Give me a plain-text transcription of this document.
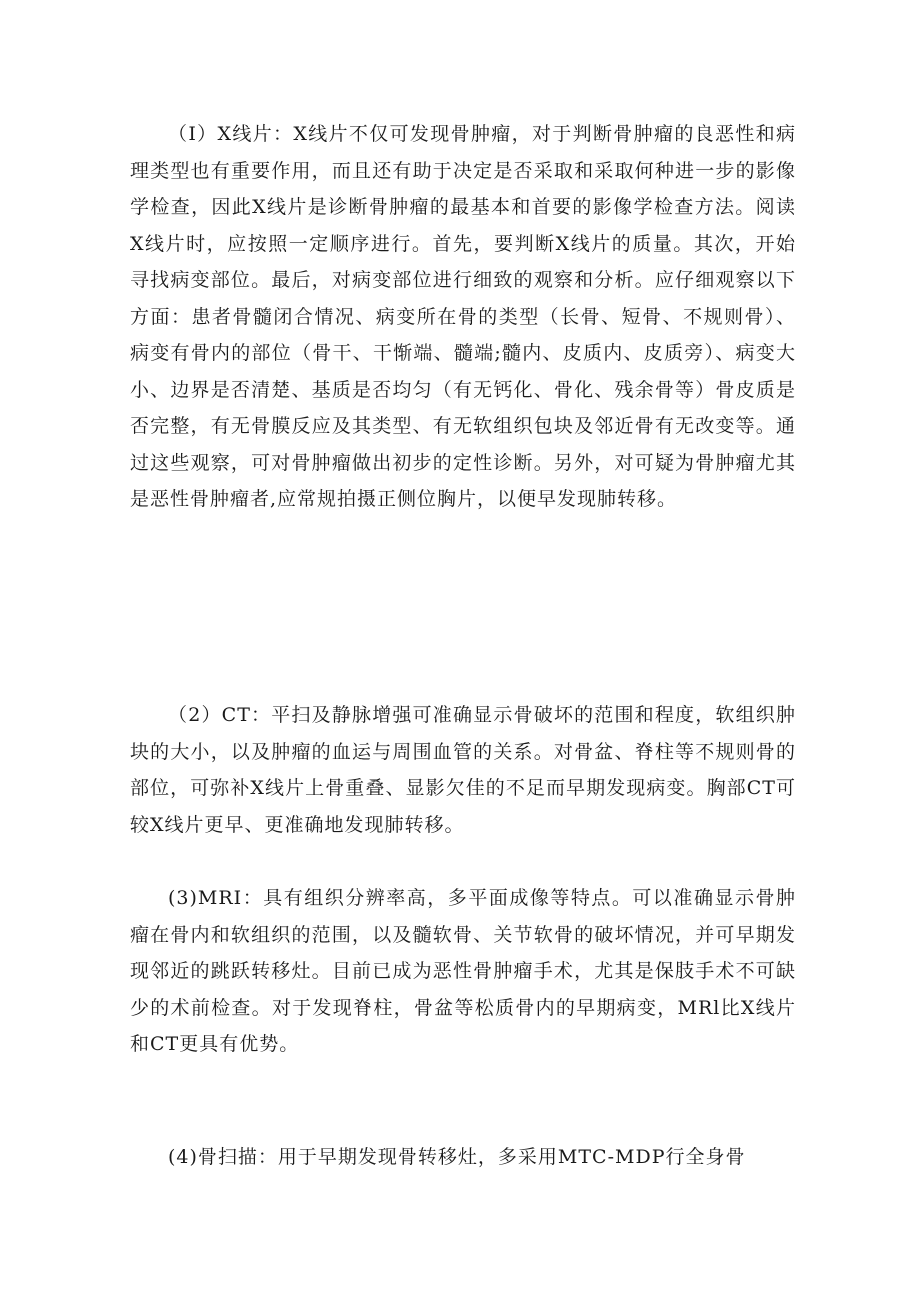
（I）X线片：X线片不仅可发现骨肿瘤，对于判断骨肿瘤的良恶性和病理类型也有重要作用，而且还有助于决定是否采取和采取何种进一步的影像学检查，因此X线片是诊断骨肿瘤的最基本和首要的影像学检查方法。阅读X线片时，应按照一定顺序进行。首先，要判断X线片的质量。其次，开始寻找病变部位。最后，对病变部位进行细致的观察和分析。应仔细观察以下方面：患者骨髓闭合情况、病变所在骨的类型（长骨、短骨、不规则骨）、病变有骨内的部位（骨干、干惭端、髓端;髓内、皮质内、皮质旁）、病变大小、边界是否清楚、基质是否均匀（有无钙化、骨化、残余骨等）骨皮质是否完整，有无骨膜反应及其类型、有无软组织包块及邻近骨有无改变等。通过这些观察，可对骨肿瘤做出初步的定性诊断。另外，对可疑为骨肿瘤尤其是恶性骨肿瘤者,应常规拍摄正侧位胸片，以便早发现肺转移。

（2）CT：平扫及静脉增强可准确显示骨破坏的范围和程度，软组织肿块的大小，以及肿瘤的血运与周围血管的关系。对骨盆、脊柱等不规则骨的部位，可弥补X线片上骨重叠、显影欠佳的不足而早期发现病变。胸部CT可较X线片更早、更准确地发现肺转移。

(3)MRI：具有组织分辨率高，多平面成像等特点。可以准确显示骨肿瘤在骨内和软组织的范围，以及髓软骨、关节软骨的破坏情况，并可早期发现邻近的跳跃转移灶。目前已成为恶性骨肿瘤手术，尤其是保肢手术不可缺少的术前检查。对于发现脊柱，骨盆等松质骨内的早期病变，MRl比X线片和CT更具有优势。

(4)骨扫描：用于早期发现骨转移灶，多采用MTC-MDP行全身骨
